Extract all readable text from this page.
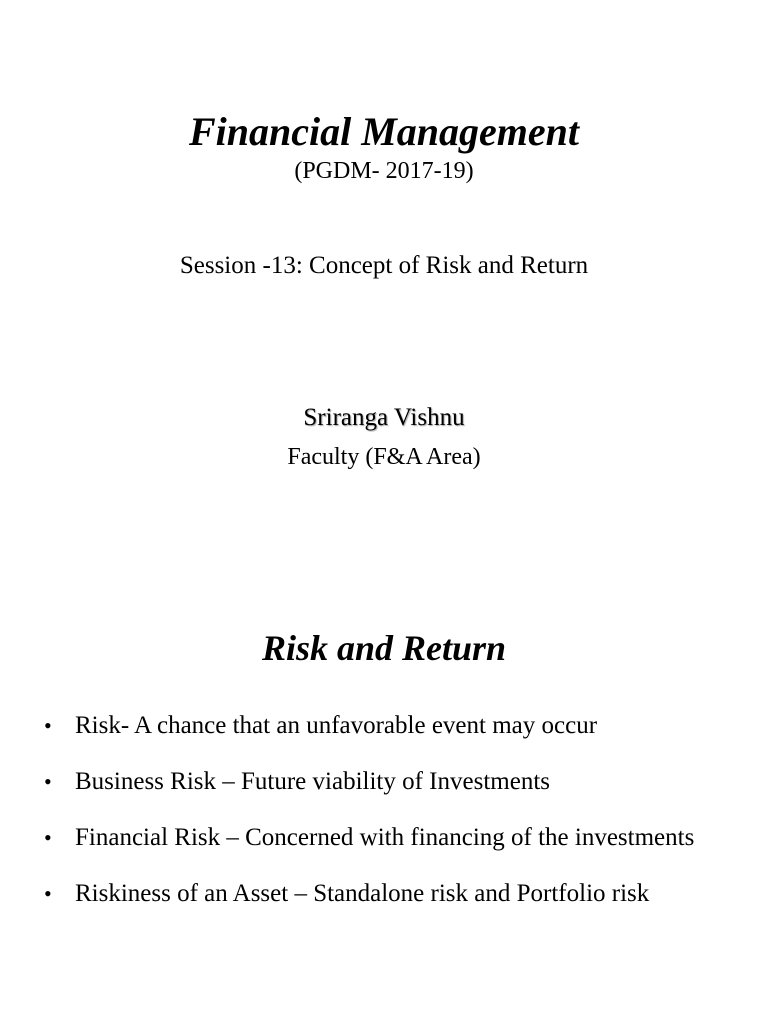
Financial Management
(PGDM- 2017-19)
Session -13: Concept of Risk and Return
Sriranga Vishnu
Faculty (F&A Area)
Risk and Return
• Risk- A chance that an unfavorable event may occur
• Business Risk – Future viability of Investments
• Financial Risk – Concerned with financing of the investments
• Riskiness of an Asset – Standalone risk and Portfolio risk
